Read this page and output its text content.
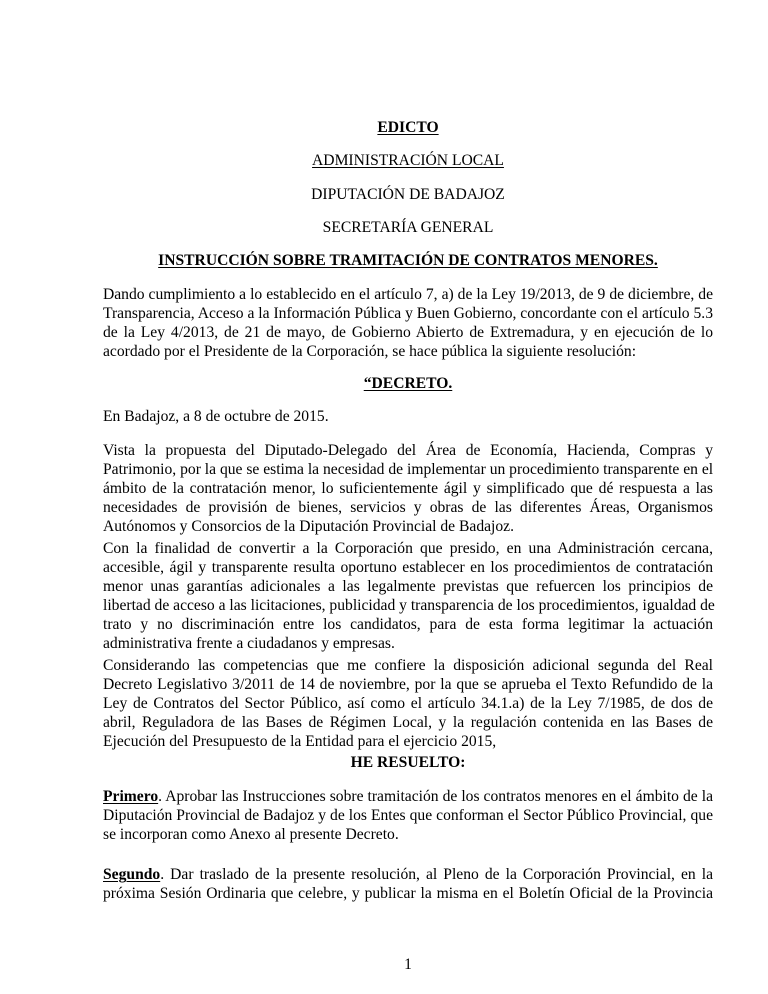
EDICTO
ADMINISTRACIÓN LOCAL
DIPUTACIÓN DE BADAJOZ
SECRETARÍA GENERAL
INSTRUCCIÓN SOBRE TRAMITACIÓN DE CONTRATOS MENORES.
Dando cumplimiento a lo establecido en el artículo 7, a) de la Ley 19/2013, de 9 de diciembre, de
Transparencia, Acceso a la Información Pública y Buen Gobierno, concordante con el artículo 5.3
de la Ley 4/2013, de 21 de mayo, de Gobierno Abierto de Extremadura, y en ejecución de lo
acordado por el Presidente de la Corporación, se hace pública la siguiente resolución:
“DECRETO.
En Badajoz, a 8 de octubre de 2015.
Vista la propuesta del Diputado-Delegado del Área de Economía, Hacienda, Compras y
Patrimonio, por la que se estima la necesidad de implementar un procedimiento transparente en el
ámbito de la contratación menor, lo suficientemente ágil y simplificado que dé respuesta a las
necesidades de provisión de bienes, servicios y obras de las diferentes Áreas, Organismos
Autónomos y Consorcios de la Diputación Provincial de Badajoz.
Con la finalidad de convertir a la Corporación que presido, en una Administración cercana,
accesible, ágil y transparente resulta oportuno establecer en los procedimientos de contratación
menor unas garantías adicionales a las legalmente previstas que refuercen los principios de
libertad de acceso a las licitaciones, publicidad y transparencia de los procedimientos, igualdad de
trato y no discriminación entre los candidatos, para de esta forma legitimar la actuación
administrativa frente a ciudadanos y empresas.
Considerando las competencias que me confiere la disposición adicional segunda del Real
Decreto Legislativo 3/2011 de 14 de noviembre, por la que se aprueba el Texto Refundido de la
Ley de Contratos del Sector Público, así como el artículo 34.1.a) de la Ley 7/1985, de dos de
abril, Reguladora de las Bases de Régimen Local, y la regulación contenida en las Bases de
Ejecución del Presupuesto de la Entidad para el ejercicio 2015,
HE RESUELTO:
Primero. Aprobar las Instrucciones sobre tramitación de los contratos menores en el ámbito de la
Diputación Provincial de Badajoz y de los Entes que conforman el Sector Público Provincial, que
se incorporan como Anexo al presente Decreto.
Segundo. Dar traslado de la presente resolución, al Pleno de la Corporación Provincial, en la
próxima Sesión Ordinaria que celebre, y publicar la misma en el Boletín Oficial de la Provincia
1
